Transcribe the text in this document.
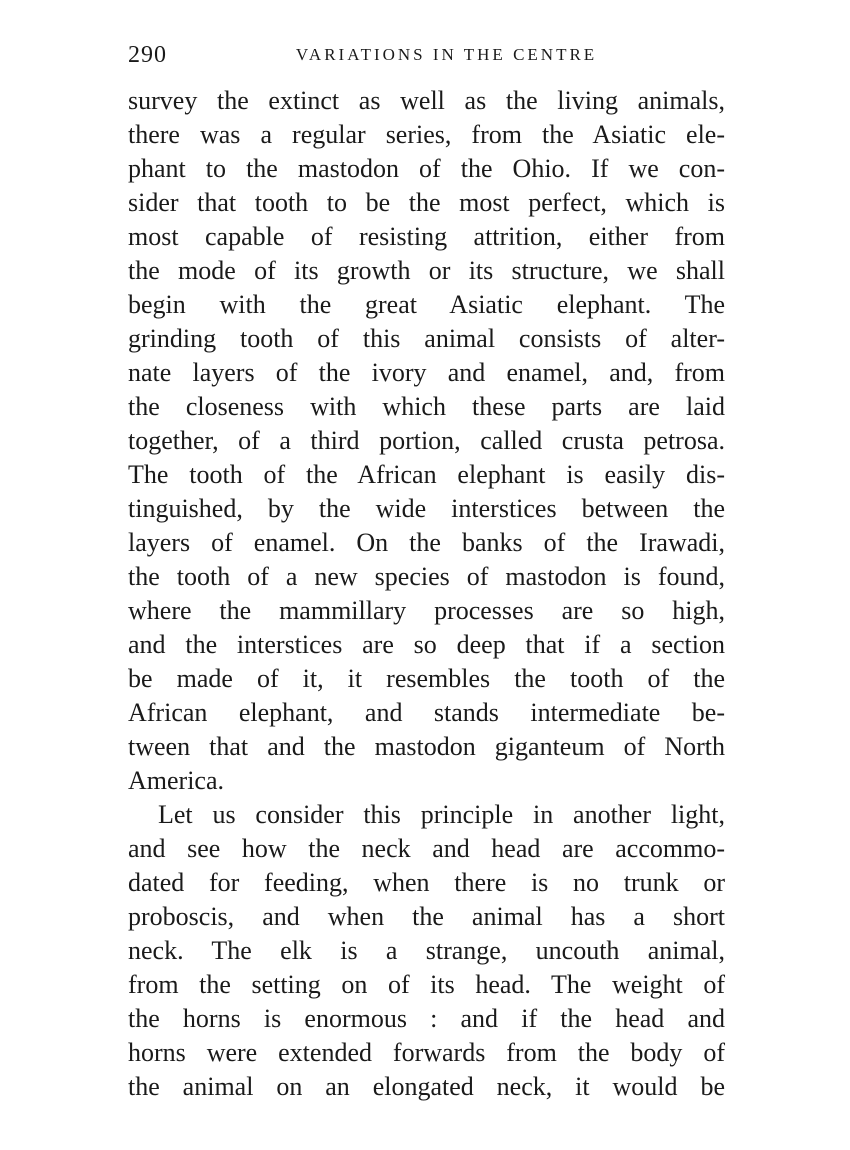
290	VARIATIONS IN THE CENTRE
survey the extinct as well as the living animals,
there was a regular series, from the Asiatic ele-
phant to the mastodon of the Ohio. If we con-
sider that tooth to be the most perfect, which is
most capable of resisting attrition, either from
the mode of its growth or its structure, we shall
begin with the great Asiatic elephant. The
grinding tooth of this animal consists of alter-
nate layers of the ivory and enamel, and, from
the closeness with which these parts are laid
together, of a third portion, called crusta petrosa.
The tooth of the African elephant is easily dis-
tinguished, by the wide interstices between the
layers of enamel. On the banks of the Irawadi,
the tooth of a new species of mastodon is found,
where the mammillary processes are so high,
and the interstices are so deep that if a section
be made of it, it resembles the tooth of the
African elephant, and stands intermediate be-
tween that and the mastodon giganteum of North
America.
Let us consider this principle in another light,
and see how the neck and head are accommo-
dated for feeding, when there is no trunk or
proboscis, and when the animal has a short
neck. The elk is a strange, uncouth animal,
from the setting on of its head. The weight of
the horns is enormous : and if the head and
horns were extended forwards from the body of
the animal on an elongated neck, it would be
